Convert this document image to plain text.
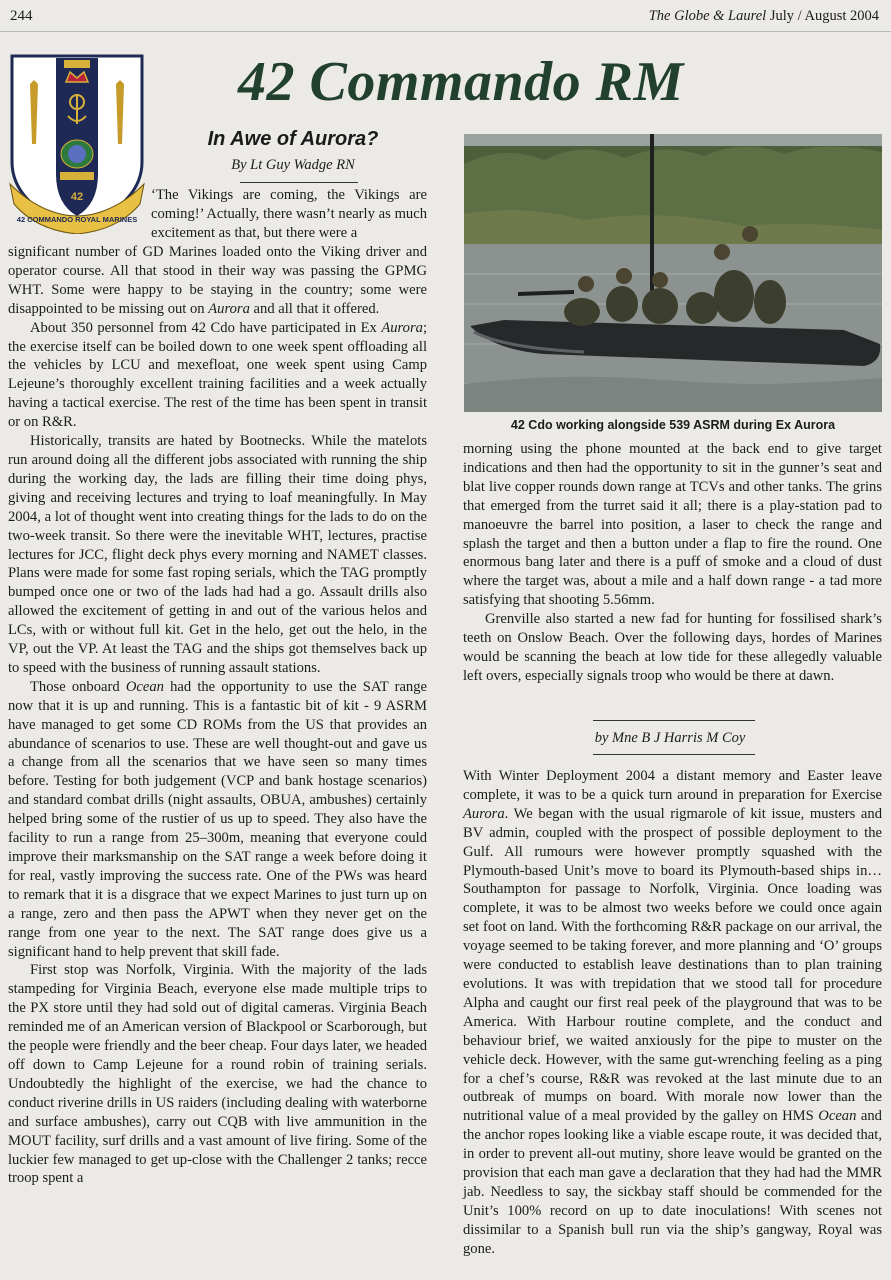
244	The Globe & Laurel July / August 2004
42
42 COMMANDO ROYAL MARINES
42 Commando RM
In Awe of Aurora?
By Lt Guy Wadge RN

‘The Vikings are coming, the Vikings are coming!’ Actually, there wasn’t nearly as much excitement as that, but there were a

significant number of GD Marines loaded onto the Viking driver and operator course. All that stood in their way was passing the GPMG WHT. Some were happy to be staying in the country; some were disappointed to be missing out on Aurora and all that it offered.

About 350 personnel from 42 Cdo have participated in Ex Aurora; the exercise itself can be boiled down to one week spent offloading all the vehicles by LCU and mexefloat, one week spent using Camp Lejeune’s thoroughly excellent training facilities and a week actually having a tactical exercise. The rest of the time has been spent in transit or on R&R.

Historically, transits are hated by Bootnecks. While the matelots run around doing all the different jobs associated with running the ship during the working day, the lads are filling their time doing phys, giving and receiving lectures and trying to loaf meaningfully. In May 2004, a lot of thought went into creating things for the lads to do on the two-week transit. So there were the inevitable WHT, lectures, practise lectures for JCC, flight deck phys every morning and NAMET classes. Plans were made for some fast roping serials, which the TAG promptly bumped once one or two of the lads had had a go. Assault drills also allowed the excitement of getting in and out of the various helos and LCs, with or without full kit. Get in the helo, get out the helo, in the VP, out the VP. At least the TAG and the ships got themselves back up to speed with the business of running assault stations.

Those onboard Ocean had the opportunity to use the SAT range now that it is up and running. This is a fantastic bit of kit - 9 ASRM have managed to get some CD ROMs from the US that provides an abundance of scenarios to use. These are well thought-out and gave us a change from all the scenarios that we have seen so many times before. Testing for both judgement (VCP and bank hostage scenarios) and standard combat drills (night assaults, OBUA, ambushes) certainly helped bring some of the rustier of us up to speed. They also have the facility to run a range from 25–300m, meaning that everyone could improve their marksmanship on the SAT range a week before doing it for real, vastly improving the success rate. One of the PWs was heard to remark that it is a disgrace that we expect Marines to just turn up on a range, zero and then pass the APWT when they never get on the range from one year to the next. The SAT range does give us a significant hand to help prevent that skill fade.

First stop was Norfolk, Virginia. With the majority of the lads stampeding for Virginia Beach, everyone else made multiple trips to the PX store until they had sold out of digital cameras. Virginia Beach reminded me of an American version of Blackpool or Scarborough, but the people were friendly and the beer cheap. Four days later, we headed off down to Camp Lejeune for a round robin of training serials. Undoubtedly the highlight of the exercise, we had the chance to conduct riverine drills in US raiders (including dealing with waterborne and surface ambushes), carry out CQB with live ammunition in the MOUT facility, surf drills and a vast amount of live firing. Some of the luckier few managed to get up-close with the Challenger 2 tanks; recce troop spent a

42 Cdo working alongside 539 ASRM during Ex Aurora

morning using the phone mounted at the back end to give target indications and then had the opportunity to sit in the gunner’s seat and blat live copper rounds down range at TCVs and other tanks. The grins that emerged from the turret said it all; there is a play-station pad to manoeuvre the barrel into position, a laser to check the range and splash the target and then a button under a flap to fire the round. One enormous bang later and there is a puff of smoke and a cloud of dust where the target was, about a mile and a half down range - a tad more satisfying that shooting 5.56mm.

Grenville also started a new fad for hunting for fossilised shark’s teeth on Onslow Beach. Over the following days, hordes of Marines would be scanning the beach at low tide for these allegedly valuable left overs, especially signals troop who would be there at dawn.

by Mne B J Harris M Coy

With Winter Deployment 2004 a distant memory and Easter leave complete, it was to be a quick turn around in preparation for Exercise Aurora. We began with the usual rigmarole of kit issue, musters and BV admin, coupled with the prospect of possible deployment to the Gulf. All rumours were however promptly squashed with the Plymouth-based Unit’s move to board its Plymouth-based ships in… Southampton for passage to Norfolk, Virginia. Once loading was complete, it was to be almost two weeks before we could once again set foot on land. With the forthcoming R&R package on our arrival, the voyage seemed to be taking forever, and more planning and ‘O’ groups were conducted to establish leave destinations than to plan training evolutions. It was with trepidation that we stood tall for procedure Alpha and caught our first real peek of the playground that was to be America. With Harbour routine complete, and the conduct and behaviour brief, we waited anxiously for the pipe to muster on the vehicle deck. However, with the same gut-wrenching feeling as a ping for a chef’s course, R&R was revoked at the last minute due to an outbreak of mumps on board. With morale now lower than the nutritional value of a meal provided by the galley on HMS Ocean and the anchor ropes looking like a viable escape route, it was decided that, in order to prevent all-out mutiny, shore leave would be granted on the provision that each man gave a declaration that they had had the MMR jab. Needless to say, the sickbay staff should be commended for the Unit’s 100% record on up to date inoculations! With scenes not dissimilar to a Spanish bull run via the ship’s gangway, Royal was gone.
